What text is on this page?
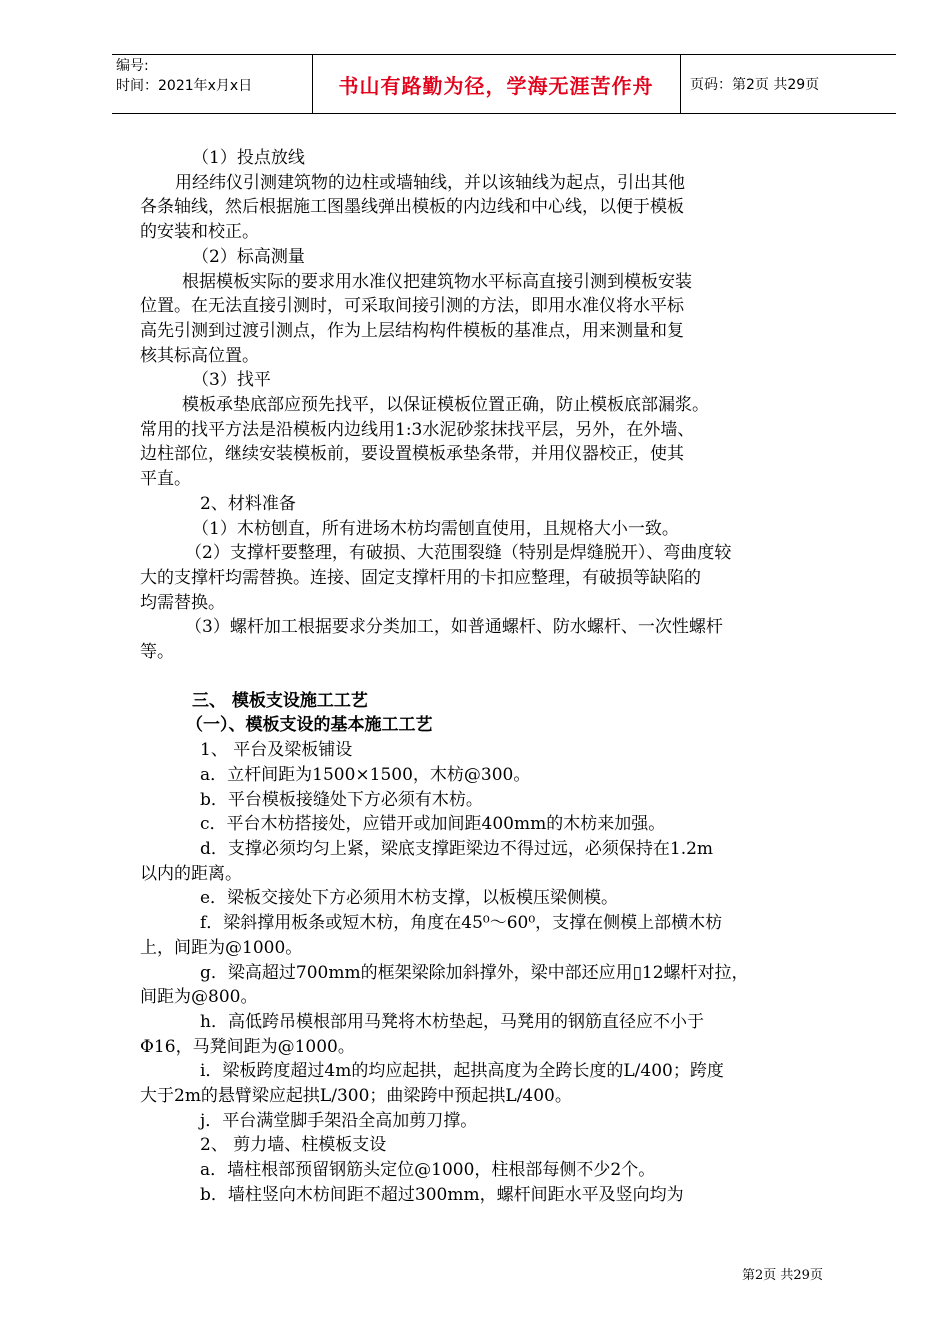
编号:
时间：2021年x月x日	书山有路勤为径，学海无涯苦作舟	页码：第2页 共29页
（1）投点放线
用经纬仪引测建筑物的边柱或墙轴线，并以该轴线为起点，引出其他
各条轴线，然后根据施工图墨线弹出模板的内边线和中心线，以便于模板
的安装和校正。
（2）标高测量
根据模板实际的要求用水准仪把建筑物水平标高直接引测到模板安装
位置。在无法直接引测时，可采取间接引测的方法，即用水准仪将水平标
高先引测到过渡引测点，作为上层结构构件模板的基准点，用来测量和复
核其标高位置。
（3）找平
模板承垫底部应预先找平，以保证模板位置正确，防止模板底部漏浆。
常用的找平方法是沿模板内边线用1:3水泥砂浆抹找平层，另外，在外墙、
边柱部位，继续安装模板前，要设置模板承垫条带，并用仪器校正，使其
平直。
2、材料准备
（1）木枋刨直，所有进场木枋均需刨直使用，且规格大小一致。
（2）支撑杆要整理，有破损、大范围裂缝（特别是焊缝脱开）、弯曲度较
大的支撑杆均需替换。连接、固定支撑杆用的卡扣应整理，有破损等缺陷的
均需替换。
（3）螺杆加工根据要求分类加工，如普通螺杆、防水螺杆、一次性螺杆
等。
三、 模板支设施工工艺
（一）、模板支设的基本施工工艺
1、 平台及梁板铺设
a．立杆间距为1500×1500，木枋@300。
b．平台模板接缝处下方必须有木枋。
c．平台木枋搭接处，应错开或加间距400mm的木枋来加强。
d．支撑必须均匀上紧，梁底支撑距梁边不得过远，必须保持在1.2m
以内的距离。
e．梁板交接处下方必须用木枋支撑，以板模压梁侧模。
f．梁斜撑用板条或短木枋，角度在45⁰～60⁰，支撑在侧模上部横木枋
上，间距为@1000。
g．梁高超过700mm的框架梁除加斜撑外，梁中部还应用▯12螺杆对拉，
间距为@800。
h．高低跨吊模根部用马凳将木枋垫起，马凳用的钢筋直径应不小于
Φ16，马凳间距为@1000。
i．梁板跨度超过4m的均应起拱，起拱高度为全跨长度的L/400；跨度
大于2m的悬臂梁应起拱L/300；曲梁跨中预起拱L/400。
j．平台满堂脚手架沿全高加剪刀撑。
2、 剪力墙、柱模板支设
a．墙柱根部预留钢筋头定位@1000，柱根部每侧不少2个。
b．墙柱竖向木枋间距不超过300mm，螺杆间距水平及竖向均为
第2页 共29页
